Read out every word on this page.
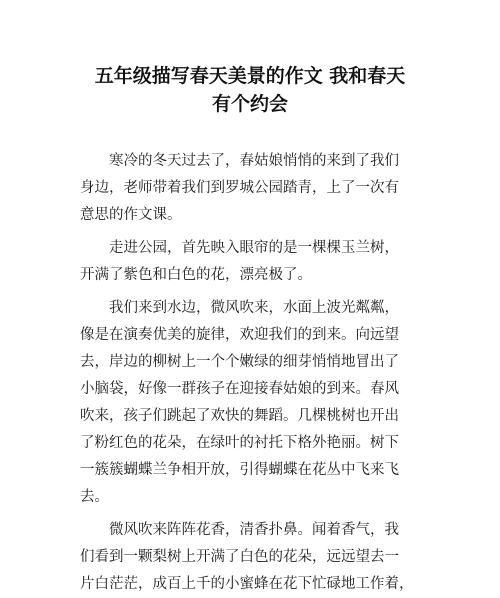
五年级描写春天美景的作文 我和春天
有个约会
　　寒冷的冬天过去了，春姑娘悄悄的来到了我们
身边，老师带着我们到罗城公园踏青，上了一次有
意思的作文课。
　　走进公园，首先映入眼帘的是一棵棵玉兰树，
开满了紫色和白色的花，漂亮极了。
　　我们来到水边，微风吹来，水面上波光粼粼，
像是在演奏优美的旋律，欢迎我们的到来。向远望
去，岸边的柳树上一个个嫩绿的细芽悄悄地冒出了
小脑袋，好像一群孩子在迎接春姑娘的到来。春风
吹来，孩子们跳起了欢快的舞蹈。几棵桃树也开出
了粉红色的花朵，在绿叶的衬托下格外艳丽。树下
一簇簇蝴蝶兰争相开放，引得蝴蝶在花丛中飞来飞
去。
　　微风吹来阵阵花香，清香扑鼻。闻着香气，我
们看到一颗梨树上开满了白色的花朵，远远望去一
片白茫茫，成百上千的小蜜蜂在花下忙碌地工作着，
